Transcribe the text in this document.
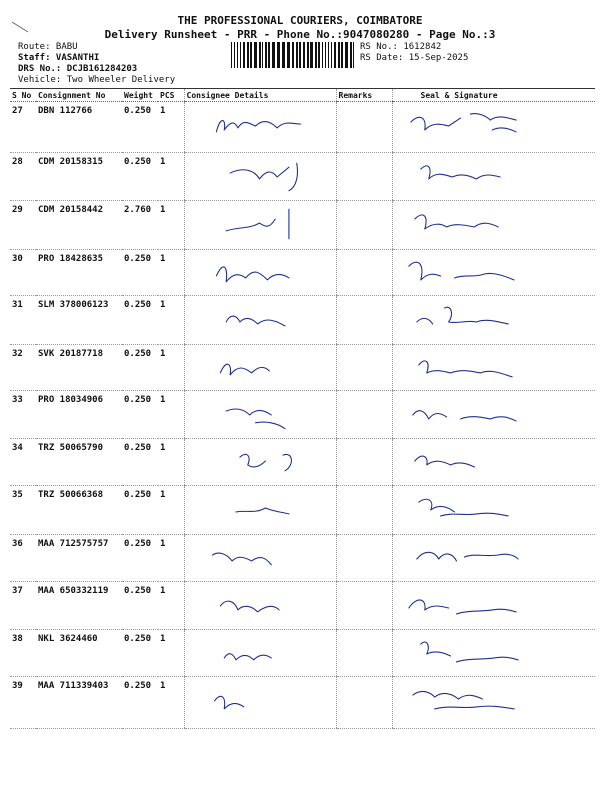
THE PROFESSIONAL COURIERS, COIMBATORE
Delivery Runsheet - PRR - Phone No.:9047080280 - Page No.:3
Route: BABU
Staff: VASANTHI
DRS No.: DCJB161284203
Vehicle: Two Wheeler Delivery
RS No.: 1612842
RS Date: 15-Sep-2025
S No	Consignment No	Weight	PCS	Consignee Details	Remarks	Seal & Signature
27	DBN 112766	0.250	1	

28	CDM 20158315	0.250	1	

29	CDM 20158442	2.760	1	

30	PRO 18428635	0.250	1	

31	SLM 378006123	0.250	1	

32	SVK 20187718	0.250	1	

33	PRO 18034906	0.250	1	

34	TRZ 50065790	0.250	1	

35	TRZ 50066368	0.250	1	

36	MAA 712575757	0.250	1	

37	MAA 650332119	0.250	1	

38	NKL 3624460	0.250	1	

39	MAA 711339403	0.250	1	
